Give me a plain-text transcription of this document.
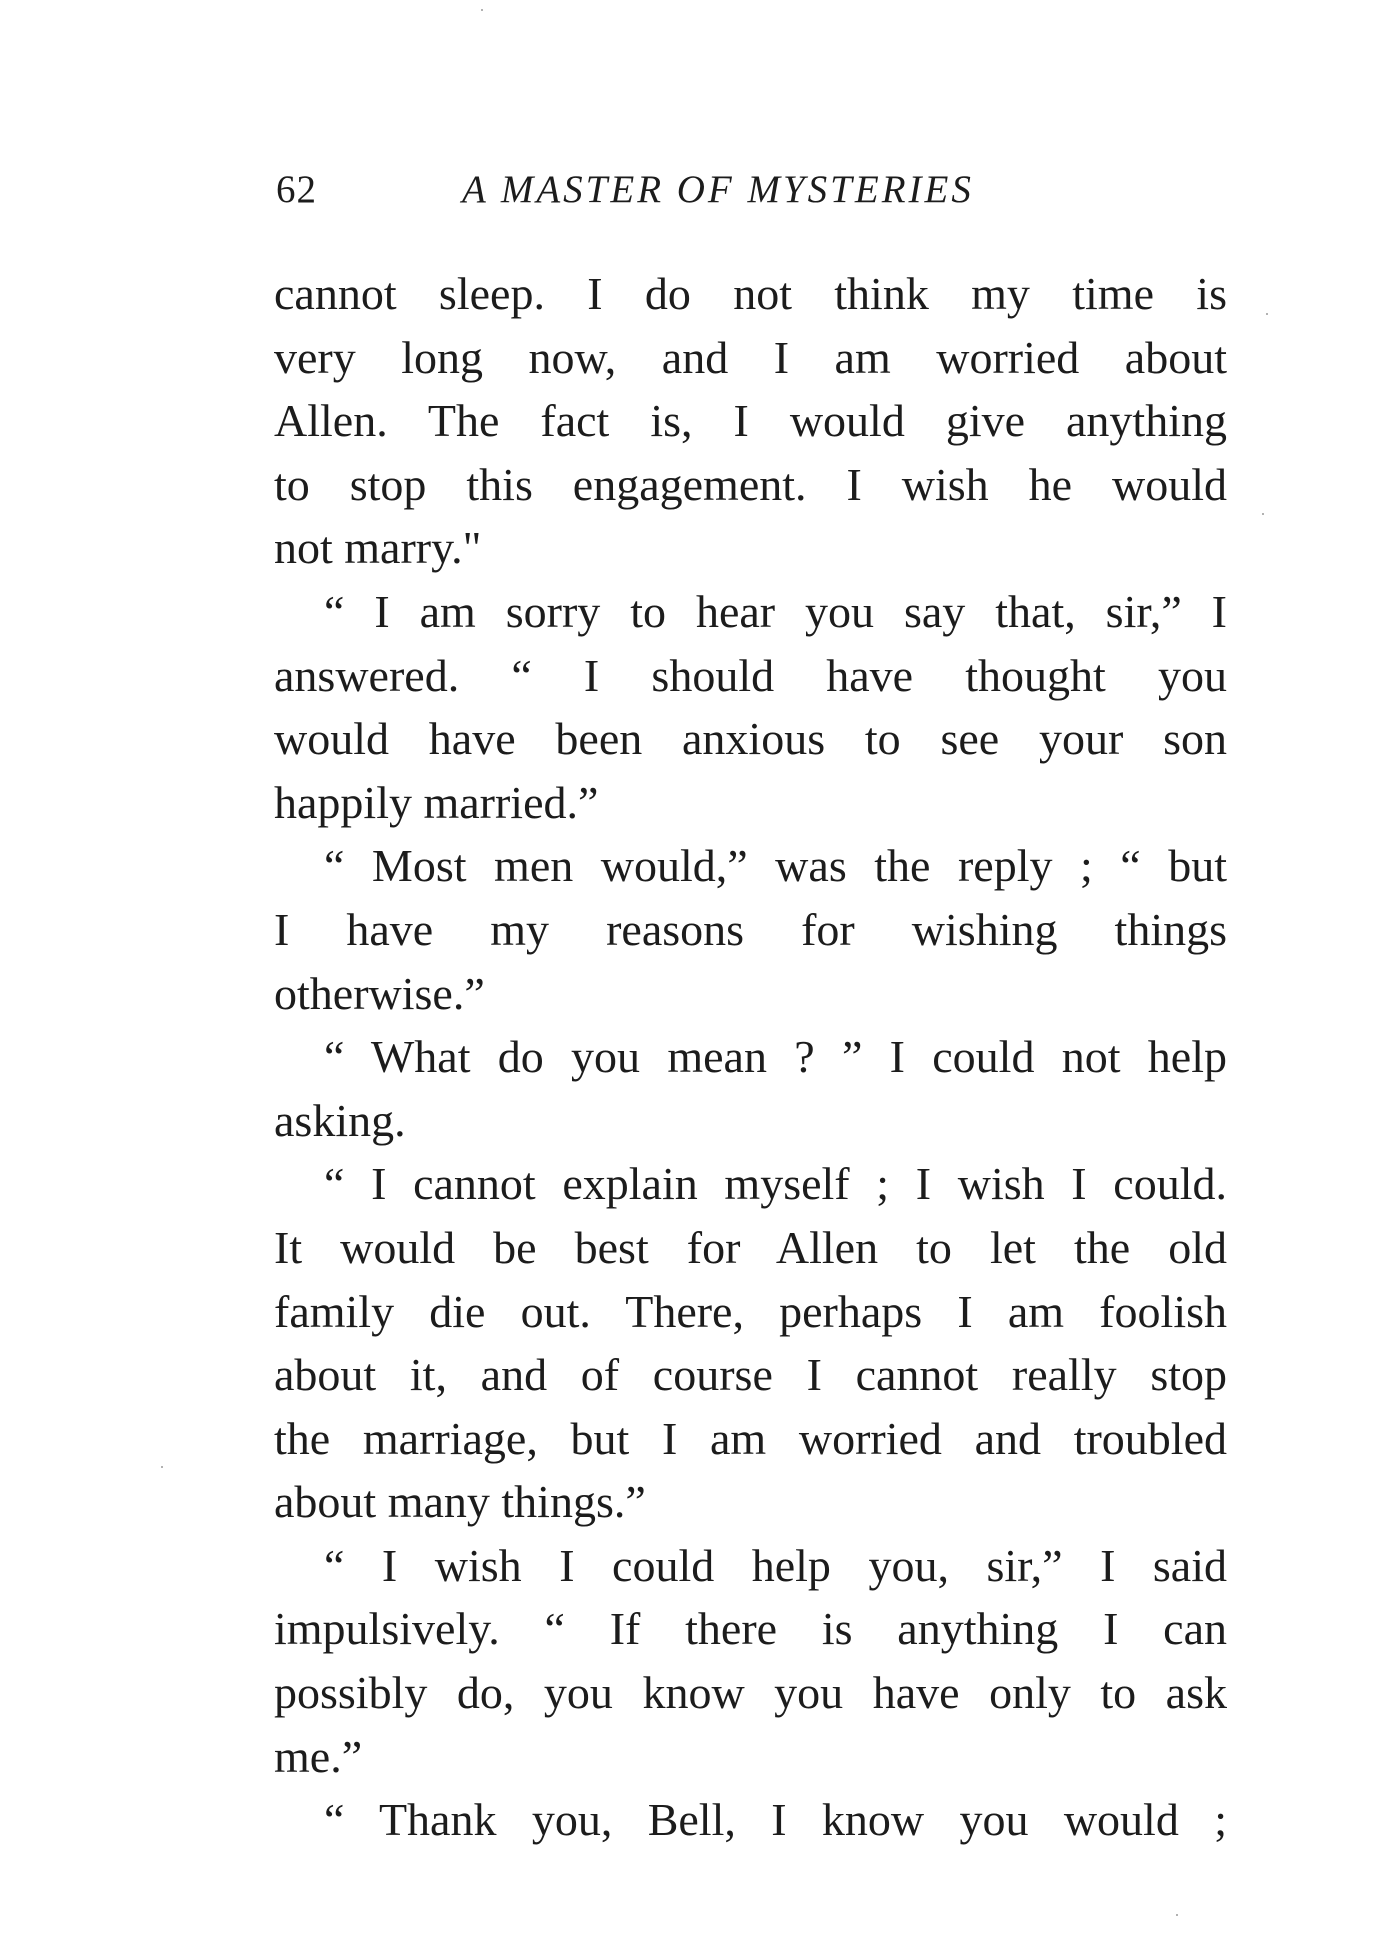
62	A MASTER OF MYSTERIES
cannot sleep. I do not think my time is
very long now, and I am worried about
Allen. The fact is, I would give anything
to stop this engagement. I wish he would
not marry."
“ I am sorry to hear you say that, sir,” I
answered. “ I should have thought you
would have been anxious to see your son
happily married.”
“ Most men would,” was the reply ; “ but
I have my reasons for wishing things
otherwise.”
“ What do you mean ? ” I could not help
asking.
“ I cannot explain myself ; I wish I could.
It would be best for Allen to let the old
family die out. There, perhaps I am foolish
about it, and of course I cannot really stop
the marriage, but I am worried and troubled
about many things.”
“ I wish I could help you, sir,” I said
impulsively. “ If there is anything I can
possibly do, you know you have only to ask
me.”
“ Thank you, Bell, I know you would ;
